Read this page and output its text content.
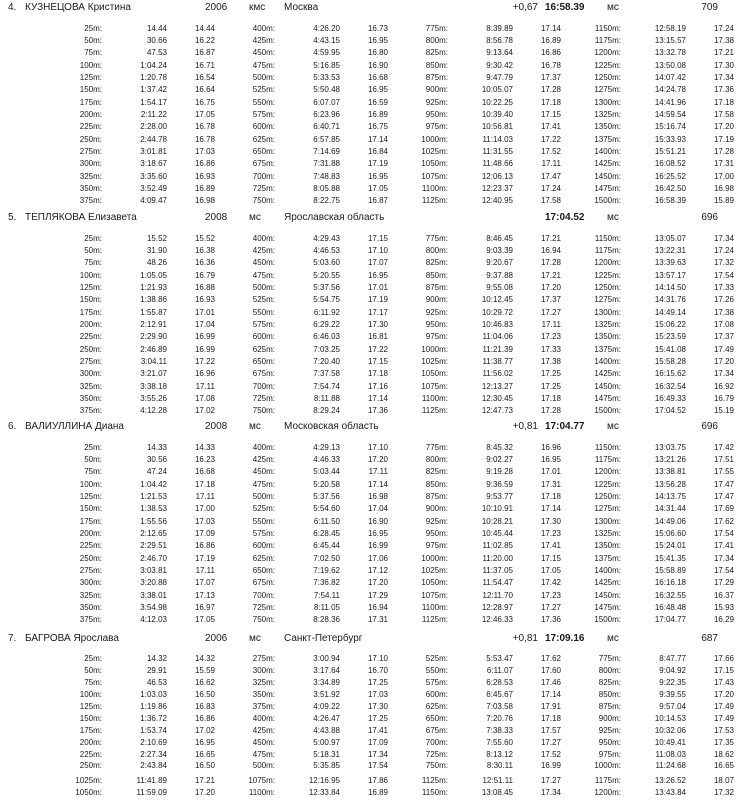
4. КУЗНЕЦОВА Кристина	2006 кмс Москва	+0,67 16:58.39 мс	709
25m:	14.44	14.44	400m:	4:26.20	16.73	775m:	8:39.89	17.14	1150m:	12:58.19	17.24
50m:	30.66	16.22	425m:	4:43.15	16.95	800m:	8:56.78	16.89	1175m:	13:15.57	17.38
75m:	47.53	16.87	450m:	4:59.95	16.80	825m:	9:13.64	16.86	1200m:	13:32.78	17.21
100m:	1:04.24	16.71	475m:	5:16.85	16.90	850m:	9:30.42	16.78	1225m:	13:50.08	17.30
125m:	1:20.78	16.54	500m:	5:33.53	16.68	875m:	9:47.79	17.37	1250m:	14:07.42	17.34
150m:	1:37.42	16.64	525m:	5:50.48	16.95	900m:	10:05.07	17.28	1275m:	14:24.78	17.36
175m:	1:54.17	16.75	550m:	6:07.07	16.59	925m:	10:22.25	17.18	1300m:	14:41.96	17.18
200m:	2:11.22	17.05	575m:	6:23.96	16.89	950m:	10:39.40	17.15	1325m:	14:59.54	17.58
225m:	2:28.00	16.78	600m:	6:40.71	16.75	975m:	10:56.81	17.41	1350m:	15:16.74	17.20
250m:	2:44.78	16.78	625m:	6:57.85	17.14	1000m:	11:14.03	17.22	1375m:	15:33.93	17.19
275m:	3:01.81	17.03	650m:	7:14.69	16.84	1025m:	11:31.55	17.52	1400m:	15:51.21	17.28
300m:	3:18.67	16.86	675m:	7:31.88	17.19	1050m:	11:48.66	17.11	1425m:	16:08.52	17.31
325m:	3:35.60	16.93	700m:	7:48.83	16.95	1075m:	12:06.13	17.47	1450m:	16:25.52	17.00
350m:	3:52.49	16.89	725m:	8:05.88	17.05	1100m:	12:23.37	17.24	1475m:	16:42.50	16.98
375m:	4:09.47	16.98	750m:	8:22.75	16.87	1125m:	12:40.95	17.58	1500m:	16:58.39	15.89
5. ТЕПЛЯКОВА Елизавета	2008 мс Ярославская область	17:04.52 мс	696
25m:	15.52	15.52	400m:	4:29.43	17.15	775m:	8:46.45	17.21	1150m:	13:05.07	17.34
50m:	31.90	16.38	425m:	4:46.53	17.10	800m:	9:03.39	16.94	1175m:	13:22.31	17.24
75m:	48.26	16.36	450m:	5:03.60	17.07	825m:	9:20.67	17.28	1200m:	13:39.63	17.32
100m:	1:05.05	16.79	475m:	5:20.55	16.95	850m:	9:37.88	17.21	1225m:	13:57.17	17.54
125m:	1:21.93	16.88	500m:	5:37.56	17.01	875m:	9:55.08	17.20	1250m:	14:14.50	17.33
150m:	1:38.86	16.93	525m:	5:54.75	17.19	900m:	10:12.45	17.37	1275m:	14:31.76	17.26
175m:	1:55.87	17.01	550m:	6:11.92	17.17	925m:	10:29.72	17.27	1300m:	14:49.14	17.38
200m:	2:12.91	17.04	575m:	6:29.22	17.30	950m:	10:46.83	17.11	1325m:	15:06.22	17.08
225m:	2:29.90	16.99	600m:	6:46.03	16.81	975m:	11:04.06	17.23	1350m:	15:23.59	17.37
250m:	2:46.89	16.99	625m:	7:03.25	17.22	1000m:	11:21.39	17.33	1375m:	15:41.08	17.49
275m:	3:04.11	17.22	650m:	7:20.40	17.15	1025m:	11:38.77	17.38	1400m:	15:58.28	17.20
300m:	3:21.07	16.96	675m:	7:37.58	17.18	1050m:	11:56.02	17.25	1425m:	16:15.62	17.34
325m:	3:38.18	17.11	700m:	7:54.74	17.16	1075m:	12:13.27	17.25	1450m:	16:32.54	16.92
350m:	3:55.26	17.08	725m:	8:11.88	17.14	1100m:	12:30.45	17.18	1475m:	16:49.33	16.79
375m:	4:12.28	17.02	750m:	8:29.24	17.36	1125m:	12:47.73	17.28	1500m:	17:04.52	15.19
6. ВАЛИУЛЛИНА Диана	2008 мс Московская область	+0,81 17:04.77 мс	696
25m:	14.33	14.33	400m:	4:29.13	17.10	775m:	8:45.32	16.96	1150m:	13:03.75	17.42
50m:	30.56	16.23	425m:	4:46.33	17.20	800m:	9:02.27	16.95	1175m:	13:21.26	17.51
75m:	47.24	16.68	450m:	5:03.44	17.11	825m:	9:19.28	17.01	1200m:	13:38.81	17.55
100m:	1:04.42	17.18	475m:	5:20.58	17.14	850m:	9:36.59	17.31	1225m:	13:56.28	17.47
125m:	1:21.53	17.11	500m:	5:37.56	16.98	875m:	9:53.77	17.18	1250m:	14:13.75	17.47
150m:	1:38.53	17.00	525m:	5:54.60	17.04	900m:	10:10.91	17.14	1275m:	14:31.44	17.69
175m:	1:55.56	17.03	550m:	6:11.50	16.90	925m:	10:28.21	17.30	1300m:	14:49.06	17.62
200m:	2:12.65	17.09	575m:	6:28.45	16.95	950m:	10:45.44	17.23	1325m:	15:06.60	17.54
225m:	2:29.51	16.86	600m:	6:45.44	16.99	975m:	11:02.85	17.41	1350m:	15:24.01	17.41
250m:	2:46.70	17.19	625m:	7:02.50	17.06	1000m:	11:20.00	17.15	1375m:	15:41.35	17.34
275m:	3:03.81	17.11	650m:	7:19.62	17.12	1025m:	11:37.05	17.05	1400m:	15:58.89	17.54
300m:	3:20.88	17.07	675m:	7:36.82	17.20	1050m:	11:54.47	17.42	1425m:	16:16.18	17.29
325m:	3:38.01	17.13	700m:	7:54.11	17.29	1075m:	12:11.70	17.23	1450m:	16:32.55	16.37
350m:	3:54.98	16.97	725m:	8:11.05	16.94	1100m:	12:28.97	17.27	1475m:	16:48.48	15.93
375m:	4:12.03	17.05	750m:	8:28.36	17.31	1125m:	12:46.33	17.36	1500m:	17:04.77	16.29
7. БАГРОВА Ярослава	2006 мс Санкт-Петербург	+0,81 17:09.16 мс	687
25m:	14.32	14.32	275m:	3:00.94	17.10	525m:	5:53.47	17.62	775m:	8:47.77	17.66
50m:	29.91	15.59	300m:	3:17.64	16.70	550m:	6:11.07	17.60	800m:	9:04.92	17.15
75m:	46.53	16.62	325m:	3:34.89	17.25	575m:	6:28.53	17.46	825m:	9:22.35	17.43
100m:	1:03.03	16.50	350m:	3:51.92	17.03	600m:	6:45.67	17.14	850m:	9:39.55	17.20
125m:	1:19.86	16.83	375m:	4:09.22	17.30	625m:	7:03.58	17.91	875m:	9:57.04	17.49
150m:	1:36.72	16.86	400m:	4:26.47	17.25	650m:	7:20.76	17.18	900m:	10:14.53	17.49
175m:	1:53.74	17.02	425m:	4:43.88	17.41	675m:	7:38.33	17.57	925m:	10:32.06	17.53
200m:	2:10.69	16.95	450m:	5:00.97	17.09	700m:	7:55.60	17.27	950m:	10:49.41	17.35
225m:	2:27.34	16.65	475m:	5:18.31	17.34	725m:	8:13.12	17.52	975m:	11:08.03	18.62
250m:	2:43.84	16.50	500m:	5:35.85	17.54	750m:	8:30.11	16.99	1000m:	11:24.68	16.65
1025m:	11:41.89	17.21	1075m:	12:16.95	17.86	1125m:	12:51.11	17.27	1175m:	13:26.52	18.07
1050m:	11:59.09	17.20	1100m:	12:33.84	16.89	1150m:	13:08.45	17.34	1200m:	13:43.84	17.32
